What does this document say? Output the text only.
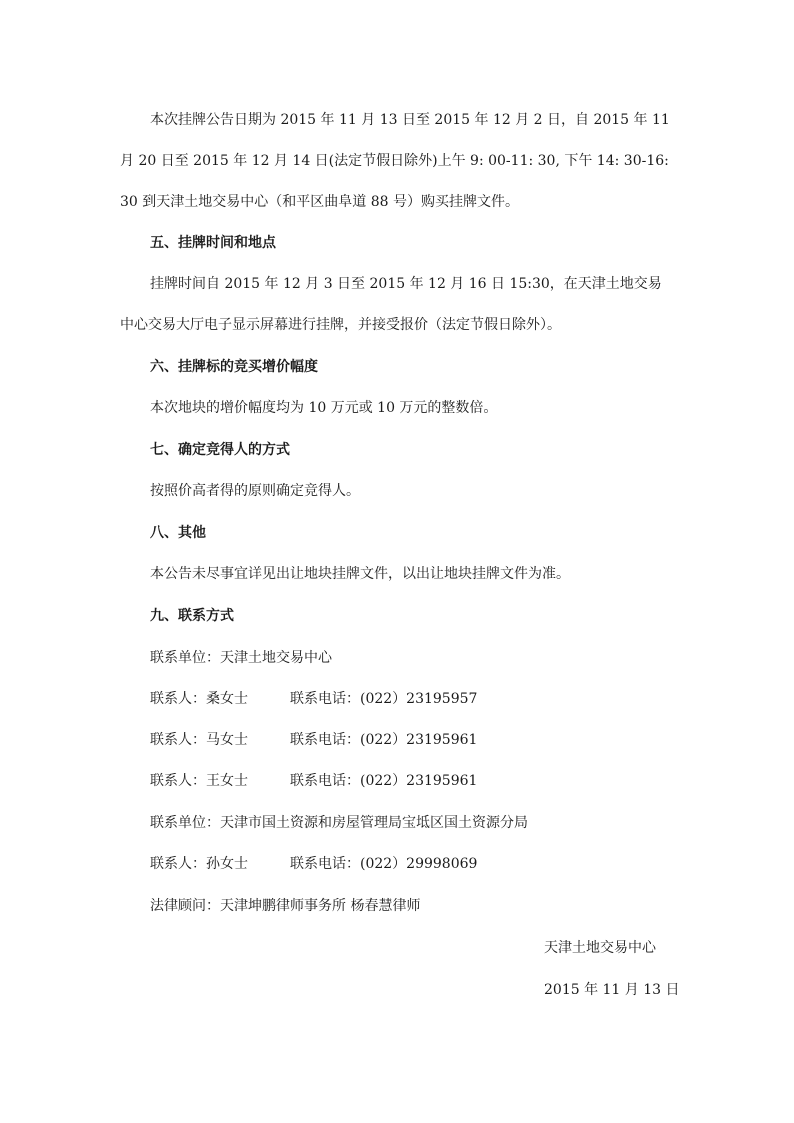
本次挂牌公告日期为 2015 年 11 月 13 日至 2015 年 12 月 2 日，自 2015 年 11
月 20 日至 2015 年 12 月 14 日(法定节假日除外)上午 9: 00-11: 30, 下午 14: 30-16:
30 到天津土地交易中心（和平区曲阜道 88 号）购买挂牌文件。
五、挂牌时间和地点
挂牌时间自 2015 年 12 月 3 日至 2015 年 12 月 16 日 15:30，在天津土地交易
中心交易大厅电子显示屏幕进行挂牌，并接受报价（法定节假日除外）。
六、挂牌标的竞买增价幅度
本次地块的增价幅度均为 10 万元或 10 万元的整数倍。
七、确定竞得人的方式
按照价高者得的原则确定竞得人。
八、其他
本公告未尽事宜详见出让地块挂牌文件，以出让地块挂牌文件为准。
九、联系方式
联系单位：天津土地交易中心
联系人：桑女士	联系电话：(022）23195957
联系人：马女士	联系电话：(022）23195961
联系人：王女士	联系电话：(022）23195961
联系单位：天津市国土资源和房屋管理局宝坻区国土资源分局
联系人：孙女士	联系电话：(022）29998069
法律顾问：天津坤鹏律师事务所 杨春慧律师
天津土地交易中心
2015 年 11 月 13 日
